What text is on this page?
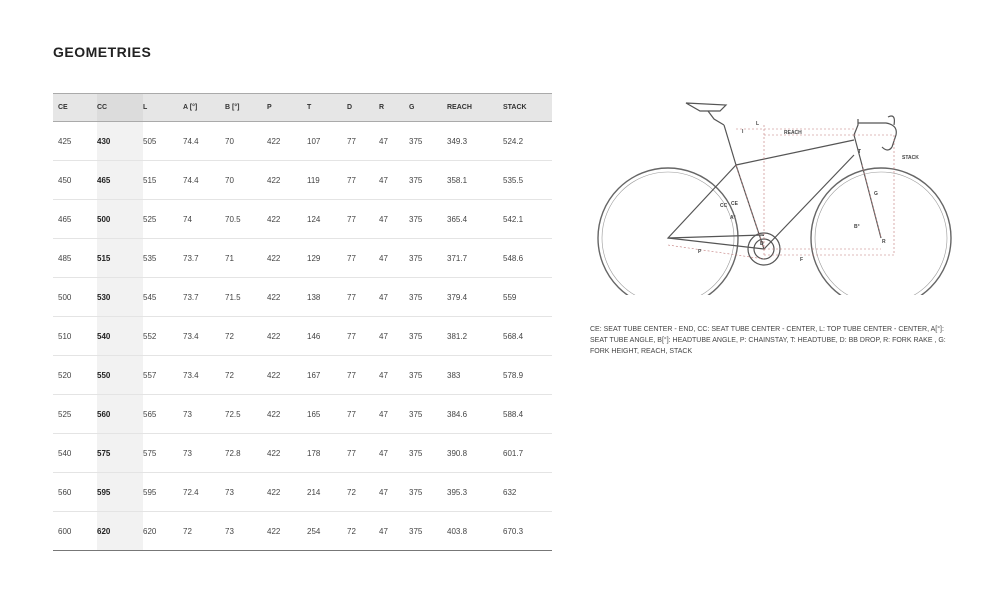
GEOMETRIES
CE	CC	L	A [°]	B [°]	P	T	D	R	G	REACH	STACK
425	430	505	74.4	70	422	107	77	47	375	349.3	524.2
450	465	515	74.4	70	422	119	77	47	375	358.1	535.5
465	500	525	74	70.5	422	124	77	47	375	365.4	542.1
485	515	535	73.7	71	422	129	77	47	375	371.7	548.6
500	530	545	73.7	71.5	422	138	77	47	375	379.4	559
510	540	552	73.4	72	422	146	77	47	375	381.2	568.4
520	550	557	73.4	72	422	167	77	47	375	383	578.9
525	560	565	73	72.5	422	165	77	47	375	384.6	588.4
540	575	575	73	72.8	422	178	77	47	375	390.8	601.7
560	595	595	72.4	73	422	214	72	47	375	395.3	632
600	620	620	72	73	422	254	72	47	375	403.8	670.3
L
I	REACH
STACK
CC CE
A°
B°
G
T
D	R
P
F
CE: SEAT TUBE CENTER - END, CC: SEAT TUBE CENTER - CENTER, L: TOP TUBE CENTER - CENTER, A[°]: SEAT TUBE ANGLE, B[°]: HEADTUBE ANGLE, P: CHAINSTAY, T: HEADTUBE, D: BB DROP, R: FORK RAKE , G: FORK HEIGHT, REACH, STACK
